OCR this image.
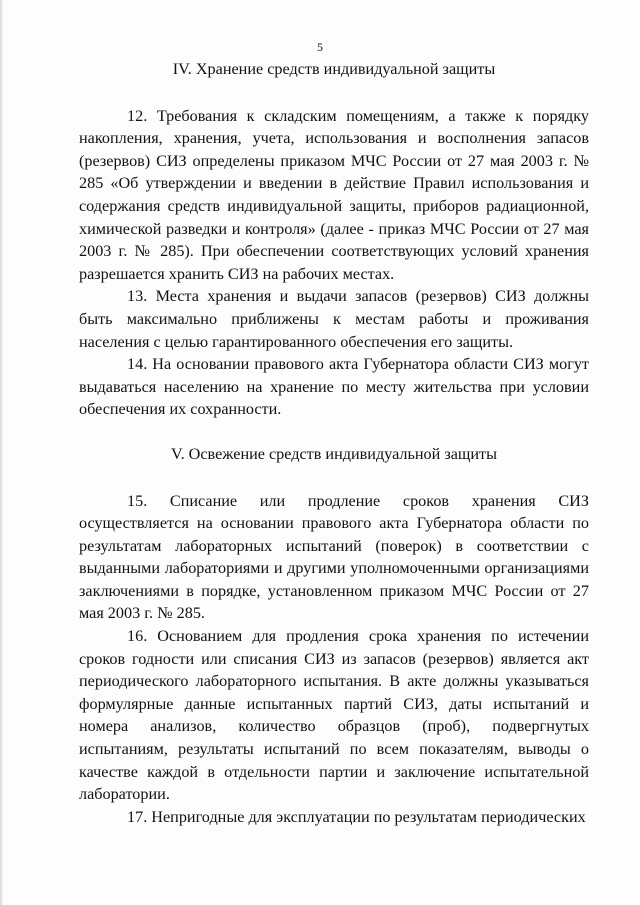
5
IV. Хранение средств индивидуальной защиты

12. Требования к складским помещениям, а также к порядку накопления, хранения, учета, использования и восполнения запасов (резервов) СИЗ определены приказом МЧС России от 27 мая 2003 г. № 285 «Об утверждении и введении в действие Правил использования и содержания средств индивидуальной защиты, приборов радиационной, химической разведки и контроля» (далее - приказ МЧС России от 27 мая 2003 г. № 285). При обеспечении соответствующих условий хранения разрешается хранить СИЗ на рабочих местах.

13. Места хранения и выдачи запасов (резервов) СИЗ должны быть максимально приближены к местам работы и проживания населения с целью гарантированного обеспечения его защиты.

14. На основании правового акта Губернатора области СИЗ могут выдаваться населению на хранение по месту жительства при условии обеспечения их сохранности.

V. Освежение средств индивидуальной защиты

15. Списание или продление сроков хранения СИЗ осуществляется на основании правового акта Губернатора области по результатам лабораторных испытаний (поверок) в соответствии с выданными лабораториями и другими уполномоченными организациями заключениями в порядке, установленном приказом МЧС России от 27 мая 2003 г. № 285.

16. Основанием для продления срока хранения по истечении сроков годности или списания СИЗ из запасов (резервов) является акт периодического лабораторного испытания. В акте должны указываться формулярные данные испытанных партий СИЗ, даты испытаний и номера анализов, количество образцов (проб), подвергнутых испытаниям, результаты испытаний по всем показателям, выводы о качестве каждой в отдельности партии и заключение испытательной лаборатории.

17. Непригодные для эксплуатации по результатам периодических
